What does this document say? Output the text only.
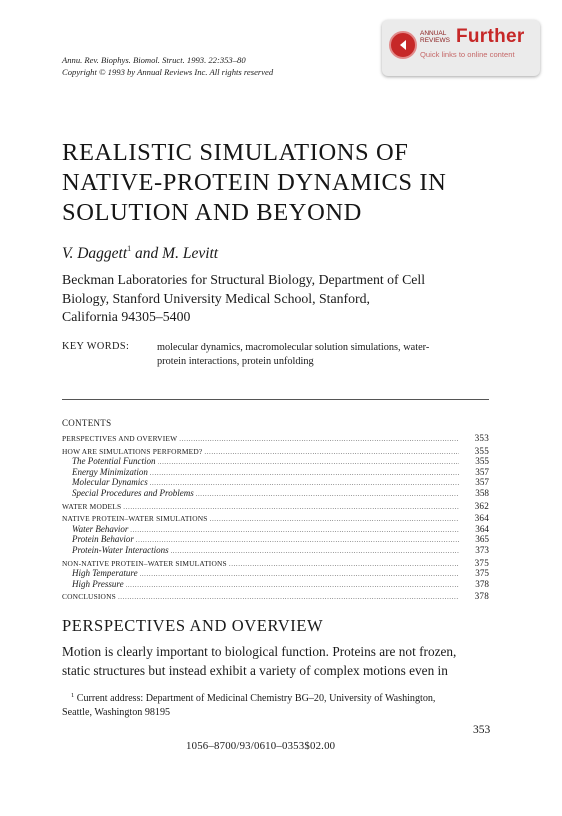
Annu. Rev. Biophys. Biomol. Struct. 1993. 22:353–80
Copyright © 1993 by Annual Reviews Inc. All rights reserved
ANNUAL
REVIEWS Further
Quick links to online content
REALISTIC SIMULATIONS OF
NATIVE-PROTEIN DYNAMICS IN
SOLUTION AND BEYOND
V. Daggett$^1$ and M. Levitt
Beckman Laboratories for Structural Biology, Department of Cell
Biology, Stanford University Medical School, Stanford,
California 94305–5400
KEY WORDS:	molecular dynamics, macromolecular solution simulations, water-
protein interactions, protein unfolding
CONTENTS
PERSPECTIVES AND OVERVIEW .....	353
HOW ARE SIMULATIONS PERFORMED? .....	355
The Potential Function .....	355
Energy Minimization .....	357
Molecular Dynamics .....	357
Special Procedures and Problems .....	358
WATER MODELS .....	362
NATIVE PROTEIN–WATER SIMULATIONS .....	364
Water Behavior .....	364
Protein Behavior .....	365
Protein-Water Interactions .....	373
NON-NATIVE PROTEIN–WATER SIMULATIONS .....	375
High Temperature .....	375
High Pressure .....	378
CONCLUSIONS .....	378
PERSPECTIVES AND OVERVIEW
Motion is clearly important to biological function. Proteins are not frozen,
static structures but instead exhibit a variety of complex motions even in
$^1$ Current address: Department of Medicinal Chemistry BG–20, University of Washington,
Seattle, Washington 98195
353
1056–8700/93/0610–0353$02.00
